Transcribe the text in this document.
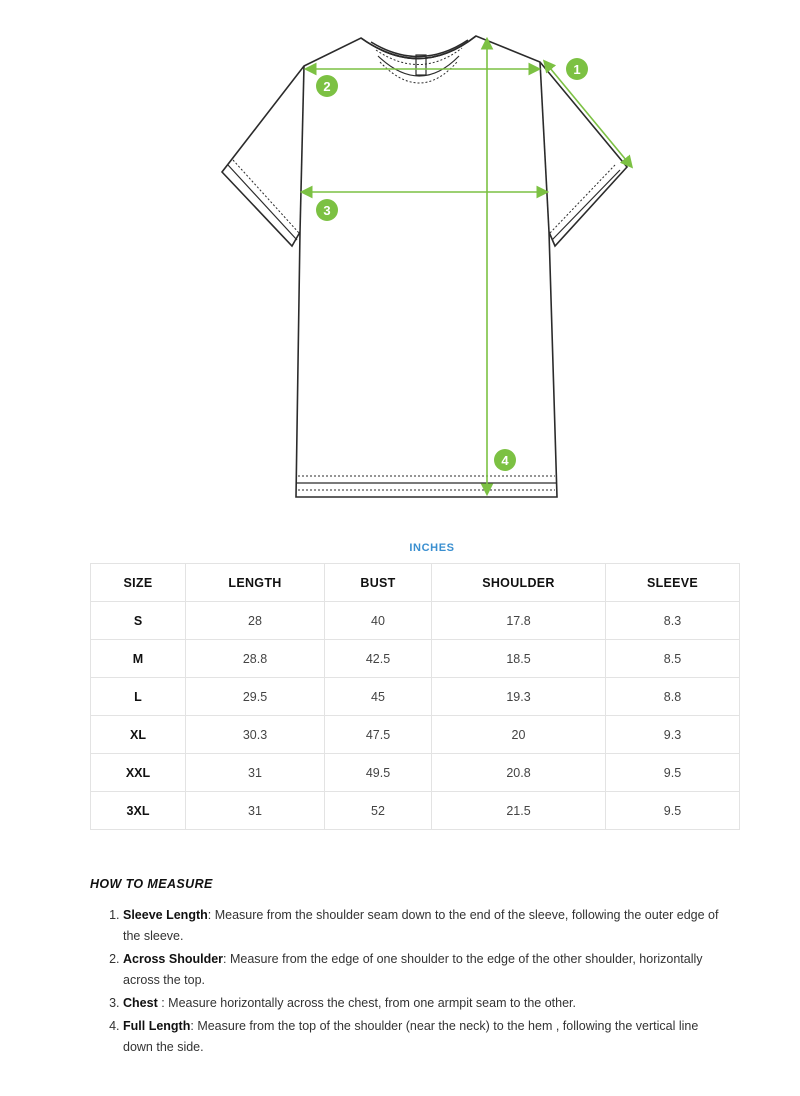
1
2
3
4
INCHES
SIZE	LENGTH	BUST	SHOULDER	SLEEVE
S	28	40	17.8	8.3
M	28.8	42.5	18.5	8.5
L	29.5	45	19.3	8.8
XL	30.3	47.5	20	9.3
XXL	31	49.5	20.8	9.5
3XL	31	52	21.5	9.5
HOW TO MEASURE
1. Sleeve Length: Measure from the shoulder seam down to the end of the sleeve, following the outer edge of the sleeve.
2. Across Shoulder: Measure from the edge of one shoulder to the edge of the other shoulder, horizontally across the top.
3. Chest : Measure horizontally across the chest, from one armpit seam to the other.
4. Full Length: Measure from the top of the shoulder (near the neck) to the hem , following the vertical line down the side.
